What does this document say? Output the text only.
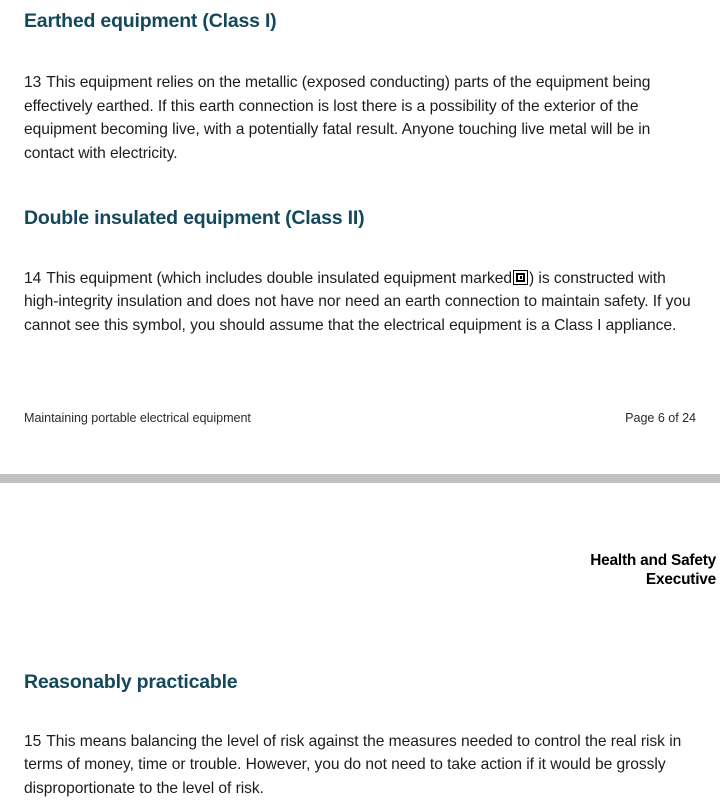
Earthed equipment (Class I)

13 This equipment relies on the metallic (exposed conducting) parts of the equipment being effectively earthed. If this earth connection is lost there is a possibility of the exterior of the equipment becoming live, with a potentially fatal result. Anyone touching live metal will be in contact with electricity.

Double insulated equipment (Class II)

14 This equipment (which includes double insulated equipment marked ) is constructed with high-integrity insulation and does not have nor need an earth connection to maintain safety. If you cannot see this symbol, you should assume that the electrical equipment is a Class I appliance.

Maintaining portable electrical equipment	Page 6 of 24
Health and Safety
Executive
Reasonably practicable

15 This means balancing the level of risk against the measures needed to control the real risk in terms of money, time or trouble. However, you do not need to take action if it would be grossly disproportionate to the level of risk.
